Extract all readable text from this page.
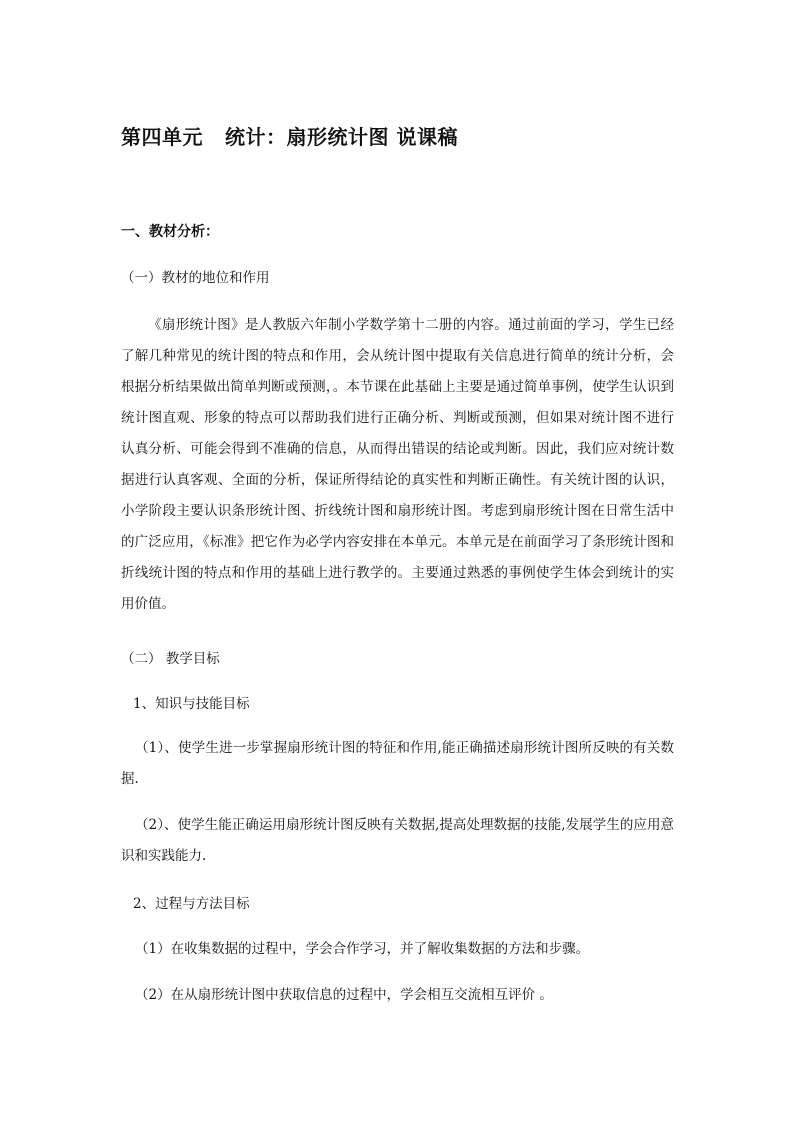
第四单元 统计：扇形统计图 说课稿
一、教材分析：
（一）教材的地位和作用
《扇形统计图》是人教版六年制小学数学第十二册的内容。通过前面的学习，学生已经了解几种常见的统计图的特点和作用，会从统计图中提取有关信息进行简单的统计分析，会根据分析结果做出简单判断或预测，。本节课在此基础上主要是通过简单事例，使学生认识到统计图直观、形象的特点可以帮助我们进行正确分析、判断或预测，但如果对统计图不进行认真分析、可能会得到不准确的信息，从而得出错误的结论或判断。因此，我们应对统计数据进行认真客观、全面的分析，保证所得结论的真实性和判断正确性。有关统计图的认识，小学阶段主要认识条形统计图、折线统计图和扇形统计图。考虑到扇形统计图在日常生活中的广泛应用，《标准》把它作为必学内容安排在本单元。本单元是在前面学习了条形统计图和折线统计图的特点和作用的基础上进行教学的。主要通过熟悉的事例使学生体会到统计的实用价值。
（二） 教学目标
1、知识与技能目标
（1）、使学生进一步掌握扇形统计图的特征和作用,能正确描述扇形统计图所反映的有关数据.
（2）、使学生能正确运用扇形统计图反映有关数据,提高处理数据的技能,发展学生的应用意识和实践能力.
2、过程与方法目标
（1）在收集数据的过程中，学会合作学习，并了解收集数据的方法和步骤。
（2）在从扇形统计图中获取信息的过程中，学会相互交流相互评价 。
